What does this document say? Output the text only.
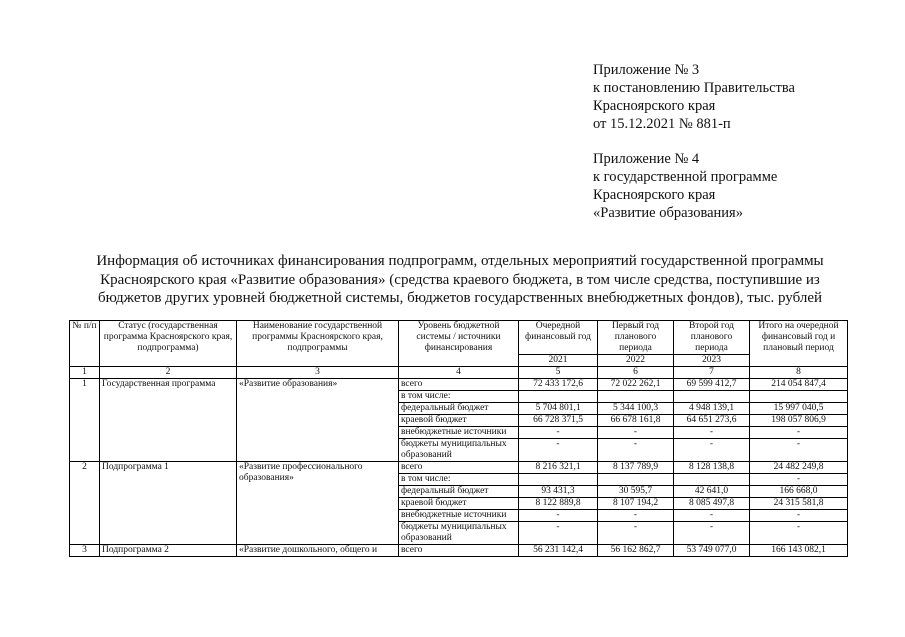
Приложение № 3
к постановлению Правительства
Красноярского края
от 15.12.2021 № 881-п
Приложение № 4
к государственной программе
Красноярского края
«Развитие образования»
Информация об источниках финансирования подпрограмм, отдельных мероприятий государственной программы
Красноярского края «Развитие образования» (средства краевого бюджета, в том числе средства, поступившие из
бюджетов других уровней бюджетной системы, бюджетов государственных внебюджетных фондов), тыс. рублей
№ п/п	Статус (государственная программа Красноярского края, подпрограмма)	Наименование государственной программы Красноярского края, подпрограммы	Уровень бюджетной системы / источники финансирования	Очередной финансовый год	Первый год планового периода	Второй год планового периода	Итого на очередной финансовый год и плановый период
				2021	2022	2023	
1	2	3	4	5	6	7	8
1	Государственная программа	«Развитие образования»	всего	72 433 172,6	72 022 262,1	69 599 412,7	214 054 847,4
			в том числе:				
			федеральный бюджет	5 704 801,1	5 344 100,3	4 948 139,1	15 997 040,5
			краевой бюджет	66 728 371,5	66 678 161,8	64 651 273,6	198 057 806,9
			внебюджетные источники	-	-	-	-
			бюджеты муниципальных образований	-	-	-	-
2	Подпрограмма 1	«Развитие профессионального образования»	всего	8 216 321,1	8 137 789,9	8 128 138,8	24 482 249,8
			в том числе:				-
			федеральный бюджет	93 431,3	30 595,7	42 641,0	166 668,0
			краевой бюджет	8 122 889,8	8 107 194,2	8 085 497,8	24 315 581,8
			внебюджетные источники	-	-	-	-
			бюджеты муниципальных образований	-	-	-	-
3	Подпрограмма 2	«Развитие дошкольного, общего и	всего	56 231 142,4	56 162 862,7	53 749 077,0	166 143 082,1
